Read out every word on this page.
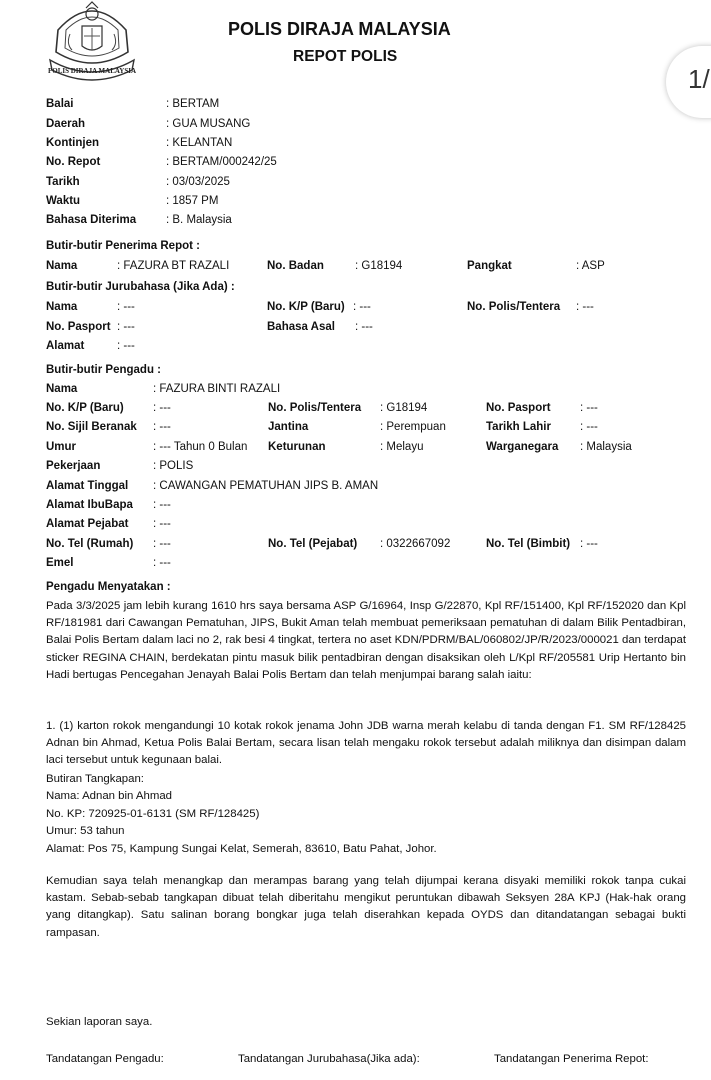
POLIS DIRAJA MALAYSIA	1/
POLIS DIRAJA MALAYSIA
REPOT POLIS
Balai	: BERTAM
Daerah	: GUA MUSANG
Kontinjen	: KELANTAN
No. Repot	: BERTAM/000242/25
Tarikh	: 03/03/2025
Waktu	: 1857 PM
Bahasa Diterima	: B. Malaysia
Butir-butir Penerima Repot :
Nama	: FAZURA BT RAZALI	No. Badan	: G18194	Pangkat	: ASP
Butir-butir Jurubahasa (Jika Ada) :
Nama	: ---	No. K/P (Baru) : ---	No. Polis/Tentera : ---
No. Pasport : ---	Bahasa Asal : ---
Alamat	: ---
Butir-butir Pengadu :
Nama	: FAZURA BINTI RAZALI
No. K/P (Baru)	: ---	No. Polis/Tentera : G18194	No. Pasport	: ---
No. Sijil Beranak : ---	Jantina	: Perempuan	Tarikh Lahir	: ---
Umur	: --- Tahun 0 Bulan Keturunan	: Melayu	Warganegara : Malaysia
Pekerjaan	: POLIS
Alamat Tinggal : CAWANGAN PEMATUHAN JIPS B. AMAN
Alamat IbuBapa : ---
Alamat Pejabat : ---
No. Tel (Rumah) : ---	No. Tel (Pejabat) : 0322667092	No. Tel (Bimbit) : ---
Emel	: ---
Pengadu Menyatakan :
Pada 3/3/2025 jam lebih kurang 1610 hrs saya bersama ASP G/16964, Insp G/22870, Kpl RF/151400, Kpl RF/152020 dan Kpl RF/181981 dari Cawangan Pematuhan, JIPS, Bukit Aman telah membuat pemeriksaan pematuhan di dalam Bilik Pentadbiran, Balai Polis Bertam dalam laci no 2, rak besi 4 tingkat, tertera no aset KDN/PDRM/BAL/060802/JP/R/2023/000021 dan terdapat sticker REGINA CHAIN, berdekatan pintu masuk bilik pentadbiran dengan disaksikan oleh L/Kpl RF/205581 Urip Hertanto bin Hadi bertugas Pencegahan Jenayah Balai Polis Bertam dan telah menjumpai barang salah iaitu:
1. (1) karton rokok mengandungi 10 kotak rokok jenama John JDB warna merah kelabu di tanda dengan F1. SM RF/128425 Adnan bin Ahmad, Ketua Polis Balai Bertam, secara lisan telah mengaku rokok tersebut adalah miliknya dan disimpan dalam laci tersebut untuk kegunaan balai.
Butiran Tangkapan:
Nama: Adnan bin Ahmad
No. KP: 720925-01-6131 (SM RF/128425)
Umur: 53 tahun
Alamat: Pos 75, Kampung Sungai Kelat, Semerah, 83610, Batu Pahat, Johor.
Kemudian saya telah menangkap dan merampas barang yang telah dijumpai kerana disyaki memiliki rokok tanpa cukai kastam. Sebab-sebab tangkapan dibuat telah diberitahu mengikut peruntukan dibawah Seksyen 28A KPJ (Hak-hak orang yang ditangkap). Satu salinan borang bongkar juga telah diserahkan kepada OYDS dan ditandatangan sebagai bukti rampasan.
Sekian laporan saya.
Tandatangan Pengadu:	Tandatangan Jurubahasa(Jika ada):	Tandatangan Penerima Repot:
